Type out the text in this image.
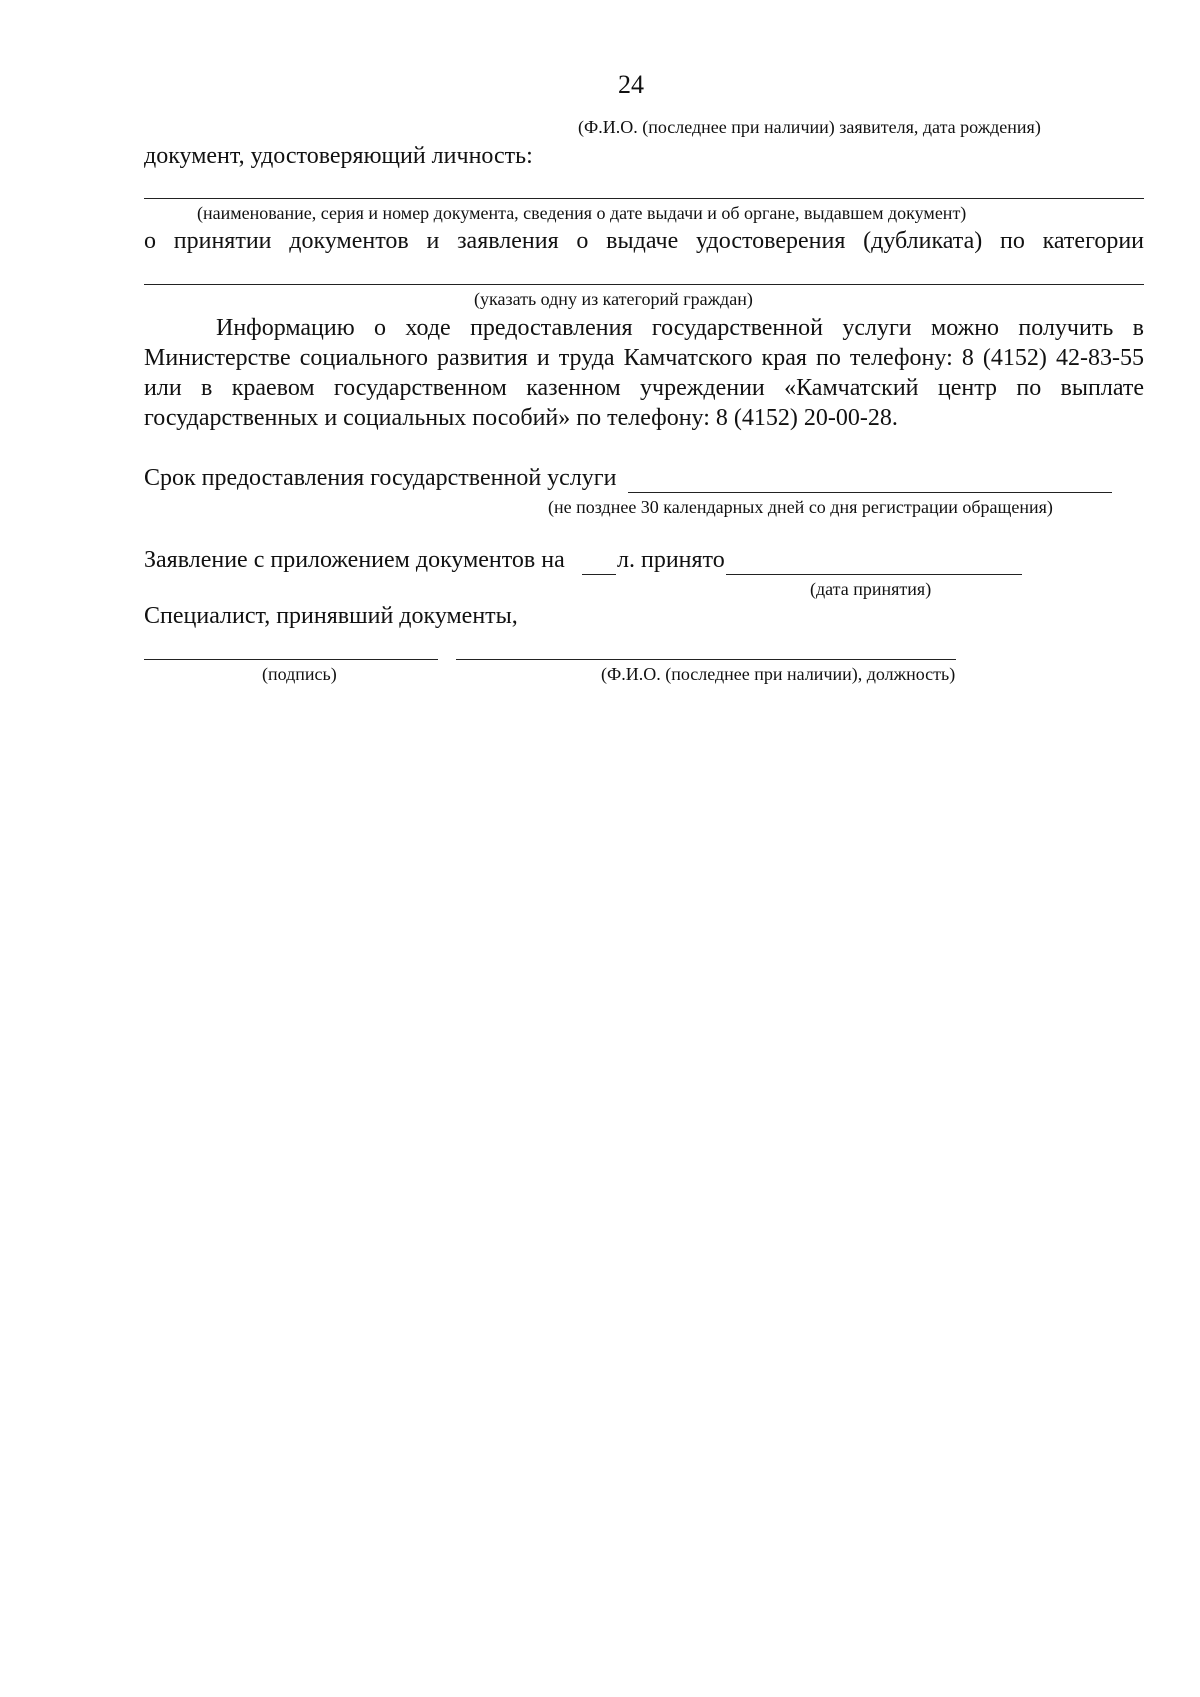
24
(Ф.И.О. (последнее при наличии) заявителя, дата рождения)
документ, удостоверяющий личность:
(наименование, серия и номер документа, сведения о дате выдачи и об органе, выдавшем документ)
о принятии документов и заявления о выдаче удостоверения (дубликата) по категории
(указать одну из категорий граждан)
Информацию о ходе предоставления государственной услуги можно получить в Министерстве социального развития и труда Камчатского края по телефону: 8 (4152) 42-83-55 или в краевом государственном казенном учреждении «Камчатский центр по выплате государственных и социальных пособий» по телефону: 8 (4152) 20-00-28.
Срок предоставления государственной услуги
(не позднее 30 календарных дней со дня регистрации обращения)
Заявление с приложением документов на л. принято
(дата принятия)
Специалист, принявший документы,
(подпись)	(Ф.И.О. (последнее при наличии), должность)
